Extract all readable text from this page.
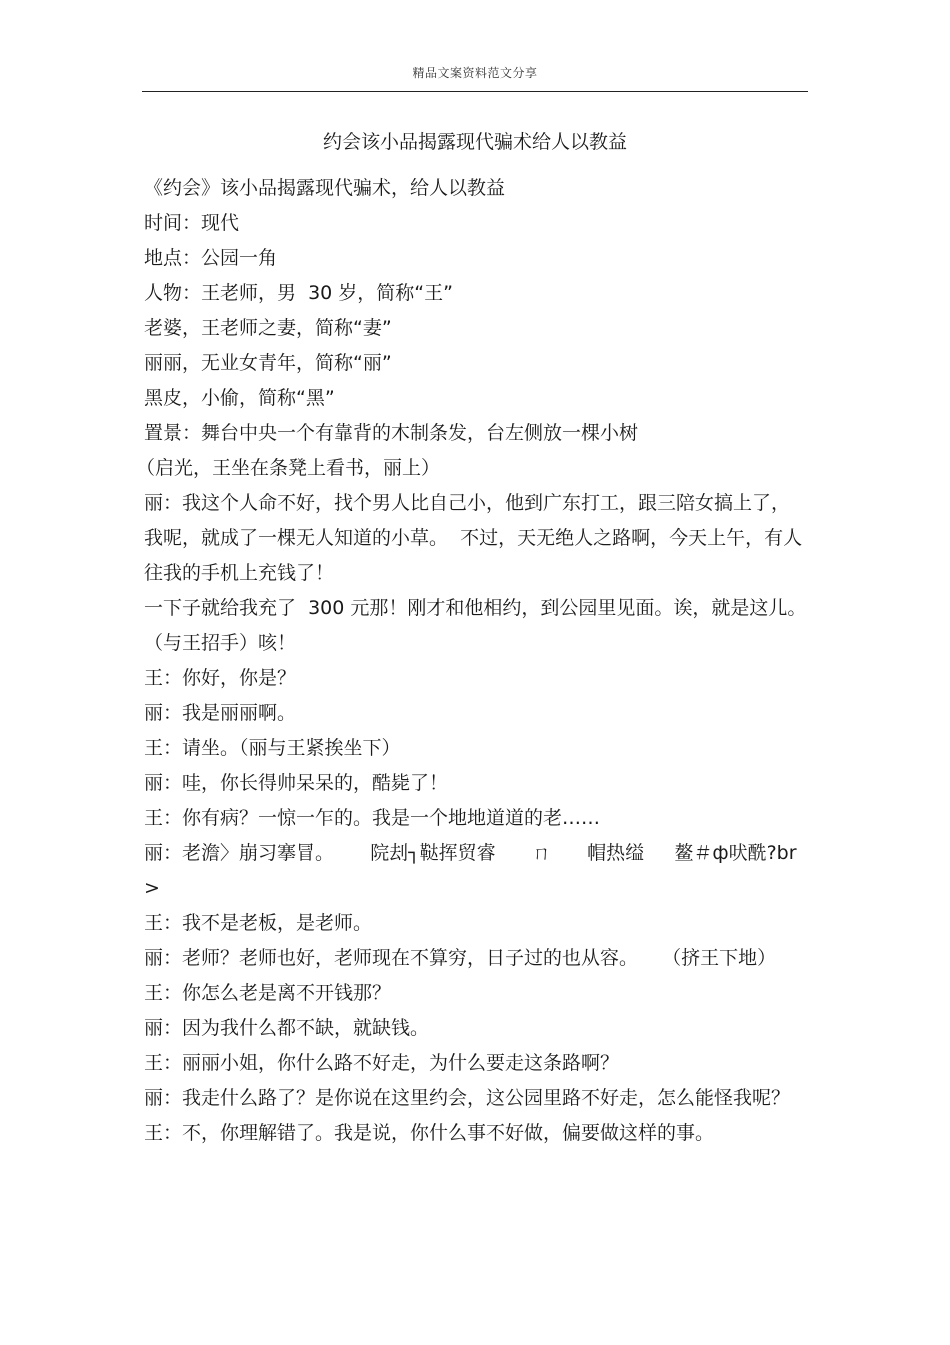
精品文案资料范文分享
约会该小品揭露现代骗术给人以教益

《约会》该小品揭露现代骗术，给人以教益

时间：现代

地点：公园一角

人物：王老师，男  30 岁，简称“王”

老婆，王老师之妻，简称“妻”

丽丽，无业女青年，简称“丽”

黑皮，小偷，简称“黑”

置景：舞台中央一个有靠背的木制条发，台左侧放一棵小树

（启光，王坐在条凳上看书，丽上）

丽：我这个人命不好，找个男人比自己小，他到广东打工，跟三陪女搞上了，我呢，就成了一棵无人知道的小草。  不过，天无绝人之路啊，今天上午，有人往我的手机上充钱了！

一下子就给我充了  300 元那！刚才和他相约，到公园里见面。诶，就是这儿。（与王招手）咳！

王：你好，你是？

丽：我是丽丽啊。

王：请坐。（丽与王紧挨坐下）

丽：哇，你长得帅呆呆的，酷毙了！

王：你有病？一惊一乍的。我是一个地地道道的老……

丽：老澹〉崩习搴冒。      院刦┐鞑挥贸睿      ㄇ      帽热缢     鳌＃ф吠酰?br>

王：我不是老板，是老师。

丽：老师？老师也好，老师现在不算穷，日子过的也从容。    （挤王下地）

王：你怎么老是离不开钱那？

丽：因为我什么都不缺，就缺钱。

王：丽丽小姐，你什么路不好走，为什么要走这条路啊？

丽：我走什么路了？是你说在这里约会，这公园里路不好走，怎么能怪我呢？

王：不，你理解错了。我是说，你什么事不好做，偏要做这样的事。
